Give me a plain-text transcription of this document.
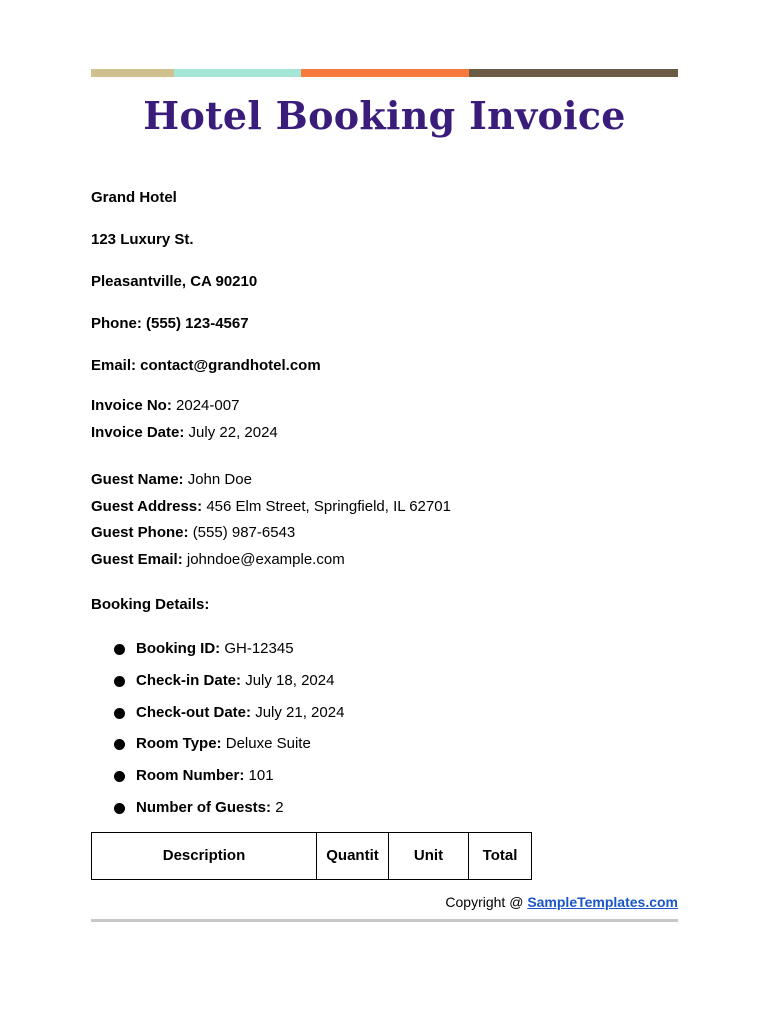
Hotel Booking Invoice

Grand Hotel

123 Luxury St.

Pleasantville, CA 90210

Phone: (555) 123-4567

Email: contact@grandhotel.com

Invoice No: 2024-007
Invoice Date: July 22, 2024
Guest Name: John Doe
Guest Address: 456 Elm Street, Springfield, IL 62701
Guest Phone: (555) 987-6543
Guest Email: johndoe@example.com
Booking Details:
Booking ID: GH-12345
Check-in Date: July 18, 2024
Check-out Date: July 21, 2024
Room Type: Deluxe Suite
Room Number: 101
Number of Guests: 2
Description	Quantit	Unit	Total
Copyright @ SampleTemplates.com
